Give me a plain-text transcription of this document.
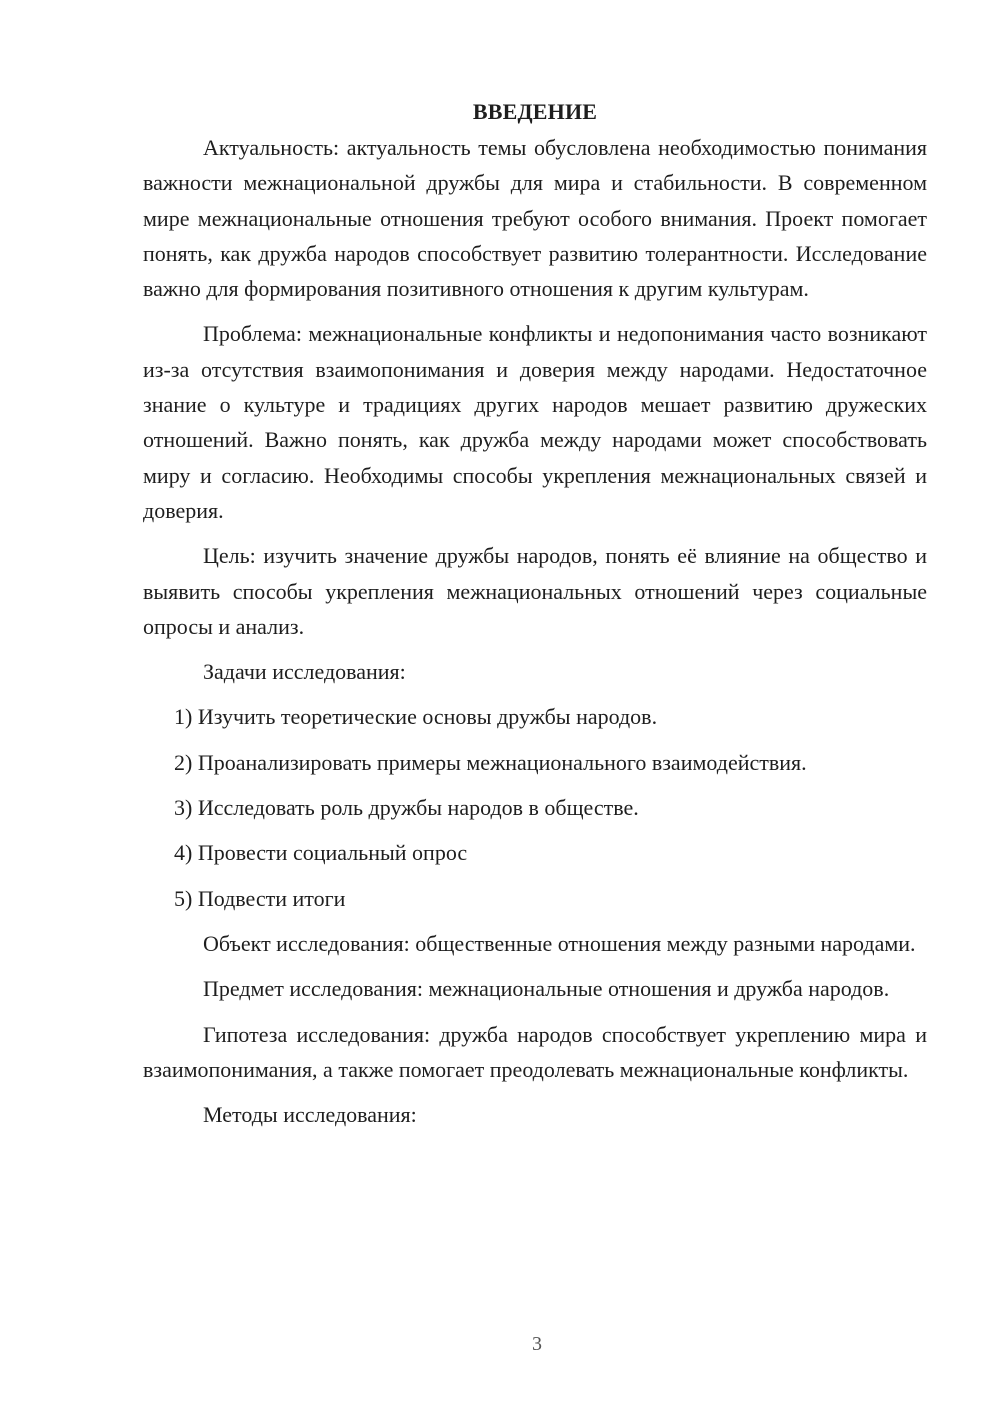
ВВЕДЕНИЕ

Актуальность: актуальность темы обусловлена необходимостью понимания важности межнациональной дружбы для мира и стабильности. В современном мире межнациональные отношения требуют особого внимания. Проект помогает понять, как дружба народов способствует развитию толерантности. Исследование важно для формирования позитивного отношения к другим культурам.

Проблема: межнациональные конфликты и недопонимания часто возникают из-за отсутствия взаимопонимания и доверия между народами. Недостаточное знание о культуре и традициях других народов мешает развитию дружеских отношений. Важно понять, как дружба между народами может способствовать миру и согласию. Необходимы способы укрепления межнациональных связей и доверия.

Цель: изучить значение дружбы народов, понять её влияние на общество и выявить способы укрепления межнациональных отношений через социальные опросы и анализ.

Задачи исследования:

1) Изучить теоретические основы дружбы народов.

2) Проанализировать примеры межнационального взаимодействия.

3) Исследовать роль дружбы народов в обществе.

4) Провести социальный опрос

5) Подвести итоги

Объект исследования: общественные отношения между разными народами.

Предмет исследования: межнациональные отношения и дружба народов.

Гипотеза исследования: дружба народов способствует укреплению мира и взаимопонимания, а также помогает преодолевать межнациональные конфликты.

Методы исследования:

3
